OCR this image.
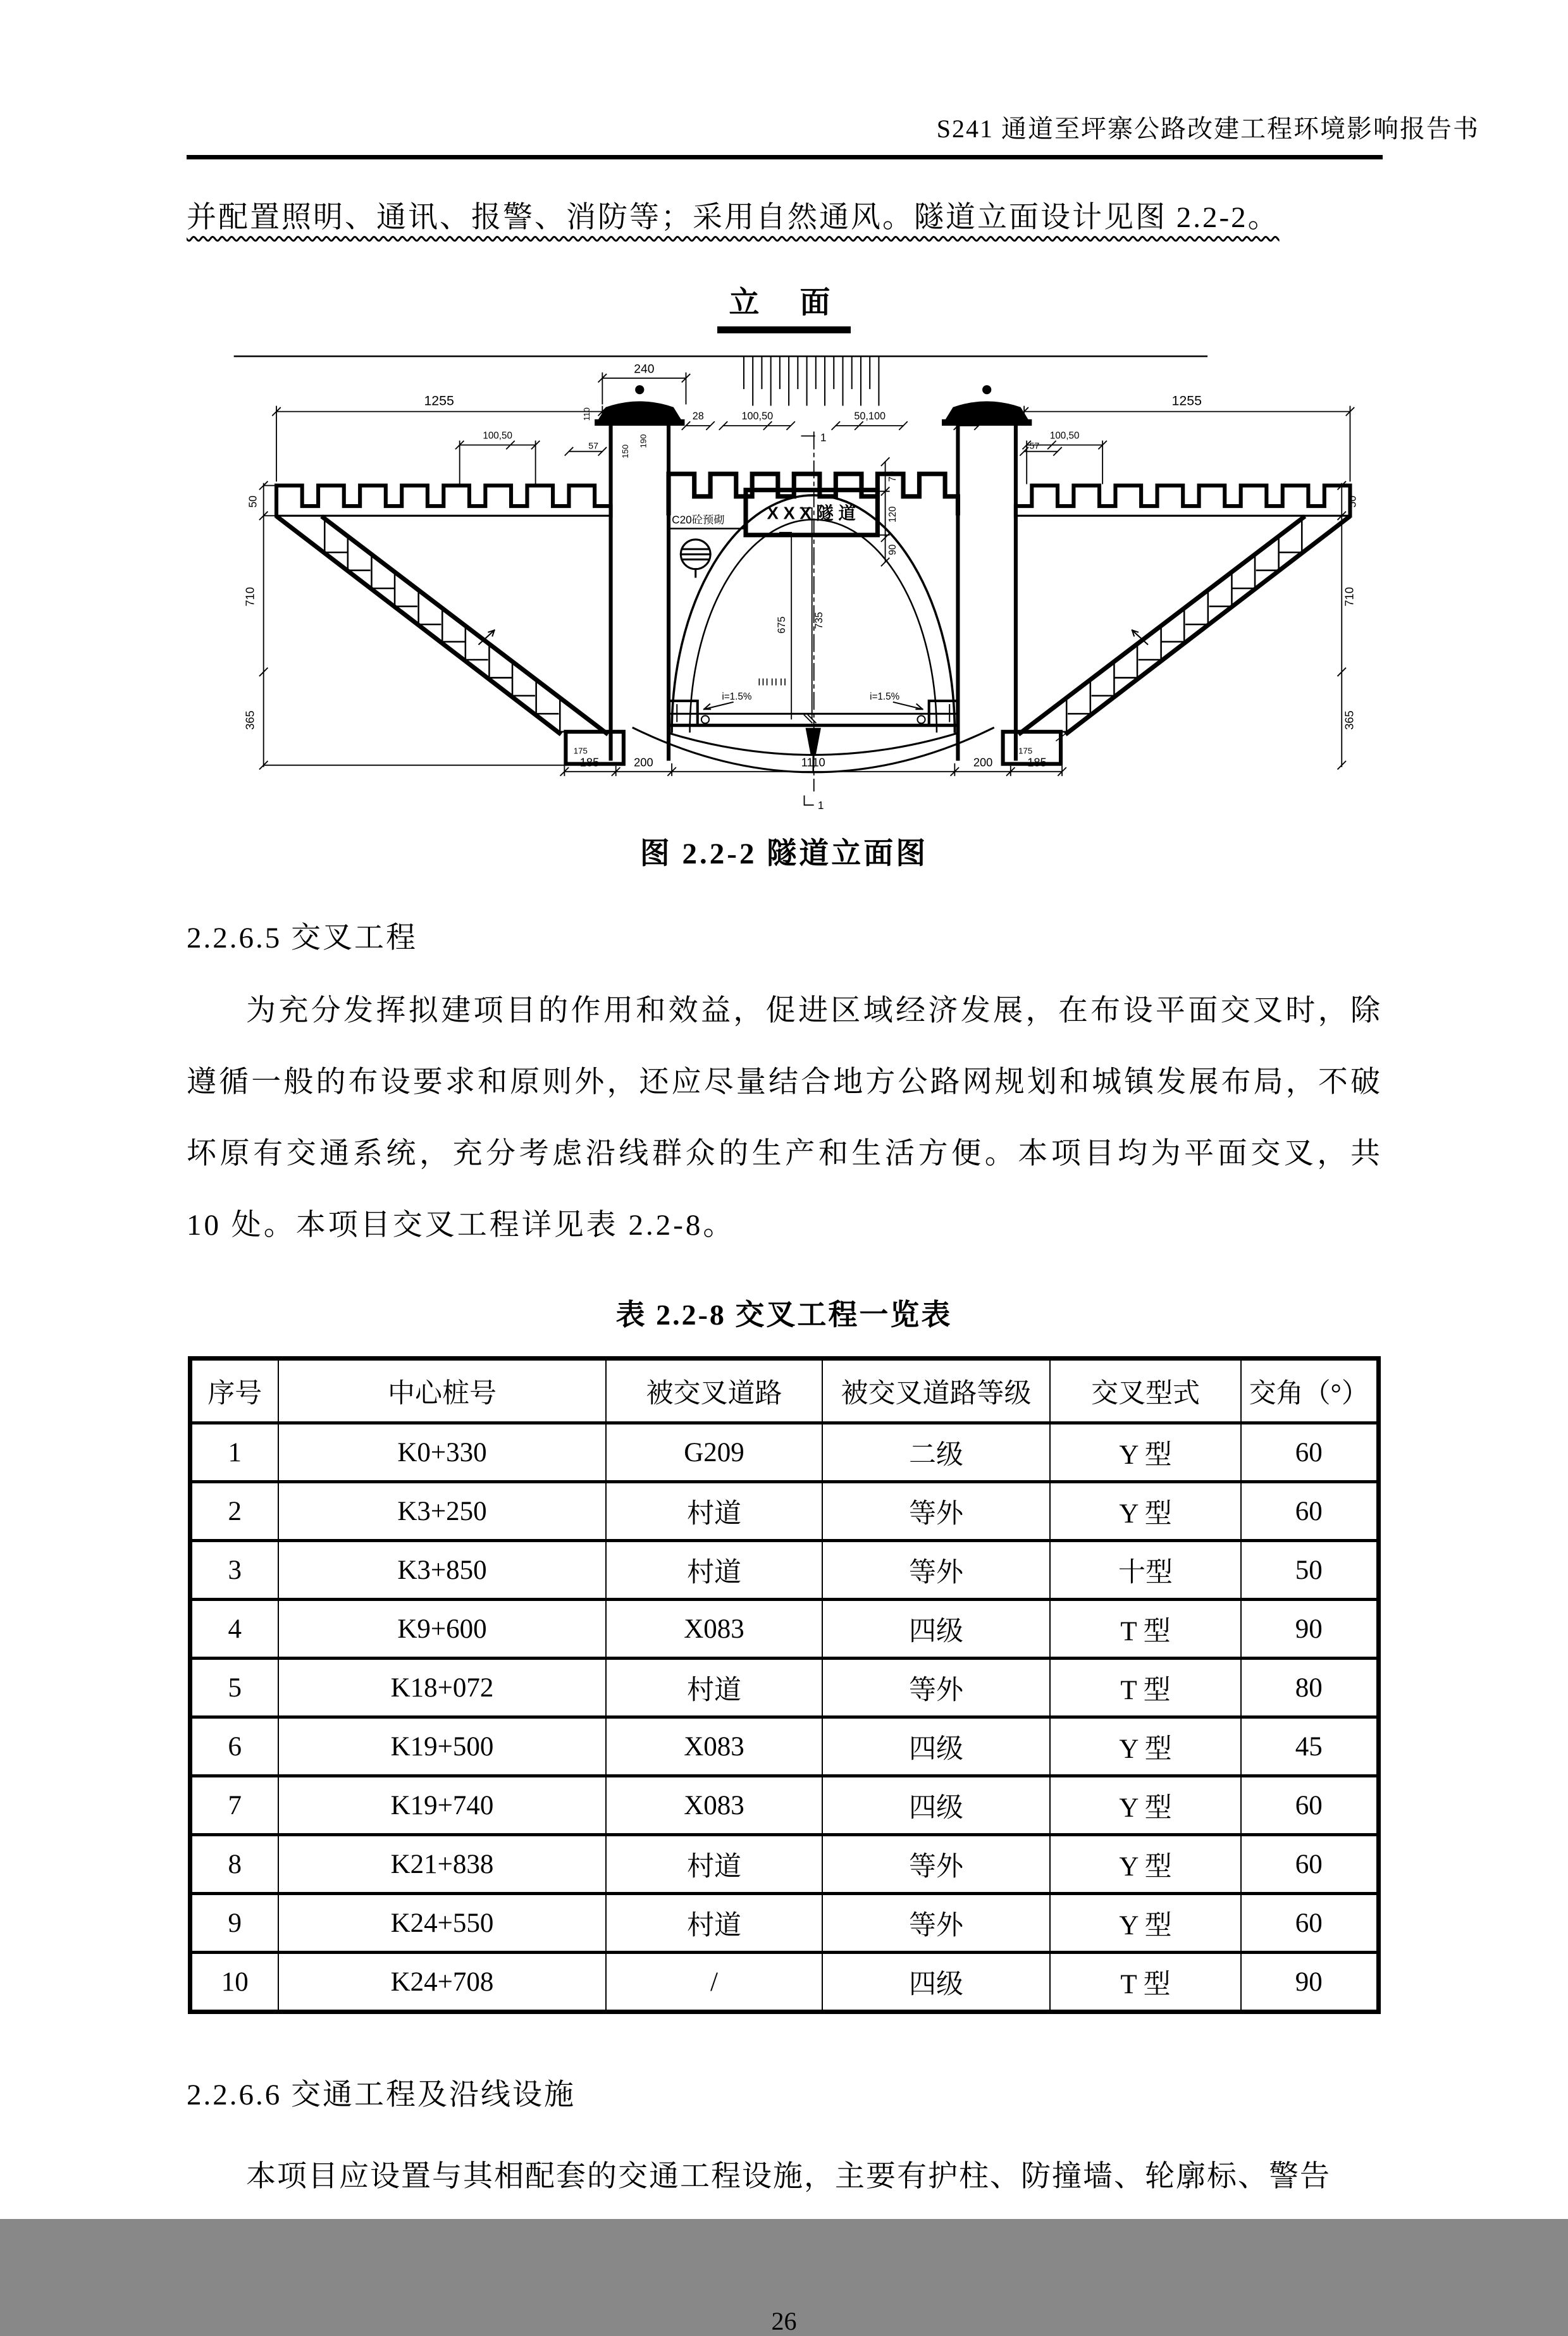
S241 通道至坪寨公路改建工程环境影响报告书

并配置照明、通讯、报警、消防等；采用自然通风。隧道立面设计见图 2.2-2。

立 面
1255	1255
240
28	100,50	50,100	20
100,50	100,50
57	57
50
710
365
50
710
365
70
120
90
675	735
110
190
150
185	200	1110	200	185
175	175
i=1.5%	i=1.5%
1
1
X X X 隧 道
C20砼预砌
图 2.2-2 隧道立面图
2.2.6.5 交叉工程

为充分发挥拟建项目的作用和效益，促进区域经济发展，在布设平面交叉时，除遵循一般的布设要求和原则外，还应尽量结合地方公路网规划和城镇发展布局，不破坏原有交通系统，充分考虑沿线群众的生产和生活方便。本项目均为平面交叉，共 10 处。本项目交叉工程详见表 2.2-8。

表 2.2-8 交叉工程一览表
序号	中心桩号	被交叉道路	被交叉道路等级	交叉型式	交角（°）
1	K0+330	G209	二级	Y 型	60
2	K3+250	村道	等外	Y 型	60
3	K3+850	村道	等外	十型	50
4	K9+600	X083	四级	T 型	90
5	K18+072	村道	等外	T 型	80
6	K19+500	X083	四级	Y 型	45
7	K19+740	X083	四级	Y 型	60
8	K21+838	村道	等外	Y 型	60
9	K24+550	村道	等外	Y 型	60
10	K24+708	/	四级	T 型	90
2.2.6.6 交通工程及沿线设施

本项目应设置与其相配套的交通工程设施，主要有护柱、防撞墙、轮廓标、警告

26
